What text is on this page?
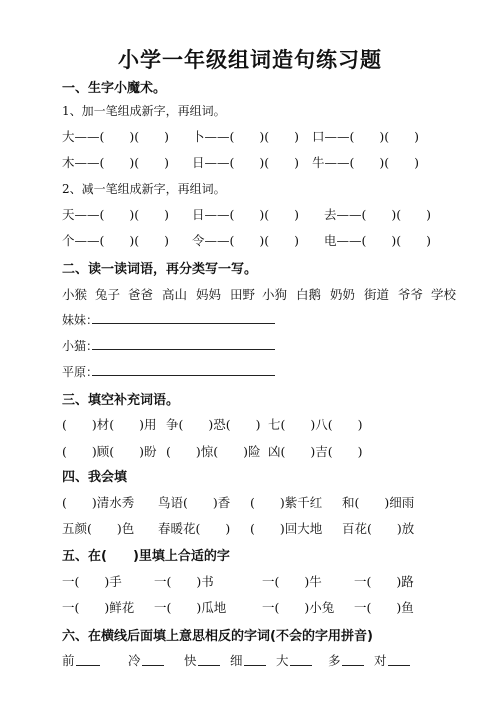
小学一年级组词造句练习题
一、生字小魔术。
1、加一笔组成新字，再组词。
大——(　　)(　　) 卜——(　　)(　　) 口——(　　)(　　)
木——(　　)(　　) 日——(　　)(　　) 牛——(　　)(　　)
2、减一笔组成新字，再组词。
天——(　　)(　　) 日——(　　)(　　) 去——(　　)(　　)
个——(　　)(　　) 令——(　　)(　　) 电——(　　)(　　)
二、读一读词语，再分类写一写。
小猴 兔子 爸爸 高山 妈妈 田野 小狗 白鹅 奶奶 街道 爷爷 学校
妹妹：
小猫：
平原：
三、填空补充词语。
(　　)材(　　)用 争(　　)恐(　　) 七(　　)八(　　)
(　　)顾(　　)盼 (　　)惊(　　)险 凶(　　)吉(　　)
四、我会填
(　　)清水秀 鸟语(　　)香 (　　)紫千红 和(　　)细雨
五颜(　　)色 春暖花(　　) (　　)回大地 百花(　　)放
五、在(　　)里填上合适的字
一(　　)手	一(　　)书	一(　　)牛	一(　　)路
一(　　)鲜花 一(　　)瓜地	一(　　)小兔 一(　　)鱼
六、在横线后面填上意思相反的字词(不会的字用拼音)
前	冷	快	细	大	多	对
